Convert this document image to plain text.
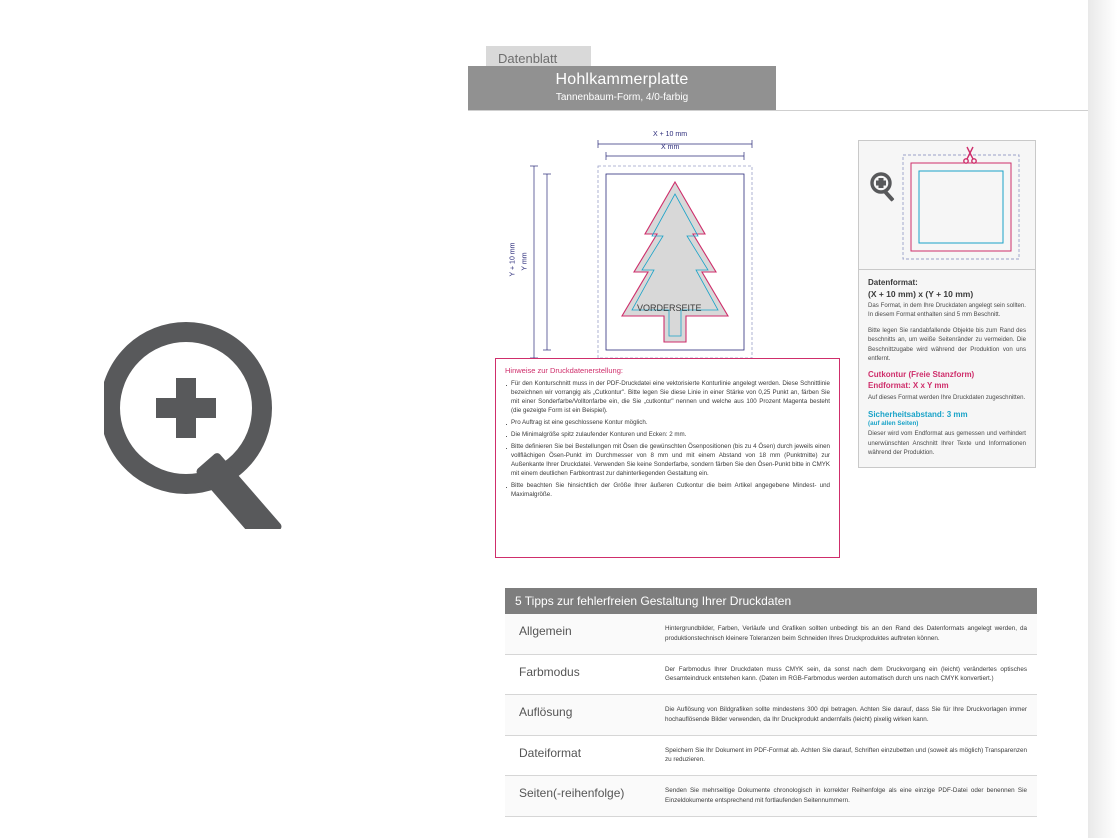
Datenblatt
Hohlkammerplatte
Tannenbaum-Form, 4/0-farbig
X + 10 mm
X mm
Y + 10 mm Y mm
VORDERSEITE
Hinweise zur Druckdatenerstellung:
· Für den Konturschnitt muss in der PDF-Druckdatei eine vektorisierte Konturlinie angelegt werden. Diese Schnittlinie bezeichnen wir vorrangig als „Cutkontur". Bitte legen Sie diese Linie in einer Stärke von 0,25 Punkt an, färben Sie mit einer Sonderfarbe/Volltonfarbe ein, die Sie „cutkontur" nennen und welche aus 100 Prozent Magenta besteht (die gezeigte Form ist ein Beispiel).
· Pro Auftrag ist eine geschlossene Kontur möglich.
· Die Minimalgröße spitz zulaufender Konturen und Ecken: 2 mm.
· Bitte definieren Sie bei Bestellungen mit Ösen die gewünschten Ösenpositionen (bis zu 4 Ösen) durch jeweils einen vollflächigen Ösen-Punkt im Durchmesser von 8 mm und mit einem Abstand von 18 mm (Punktmitte) zur Außenkante Ihrer Druckdatei. Verwenden Sie keine Sonderfarbe, sondern färben Sie den Ösen-Punkt bitte in CMYK mit einem deutlichen Farbkontrast zur dahinterliegenden Gestaltung ein.
· Bitte beachten Sie hinsichtlich der Größe Ihrer äußeren Cutkontur die beim Artikel angegebene Mindest- und Maximalgröße.
Datenformat:
(X + 10 mm) x (Y + 10 mm)
Das Format, in dem Ihre Druckdaten angelegt sein sollten. In diesem Format enthalten sind 5 mm Beschnitt.
Bitte legen Sie randabfallende Objekte bis zum Rand des beschnitts an, um weiße Seitenränder zu vermeiden. Die Beschnittzugabe wird während der Produktion von uns entfernt.
Cutkontur (Freie Stanzform)
Endformat: X x Y mm
Auf dieses Format werden Ihre Druckdaten zugeschnitten.
Sicherheitsabstand: 3 mm
(auf allen Seiten)
Dieser wird vom Endformat aus gemessen und verhindert unerwünschten Anschnitt Ihrer Texte und Informationen während der Produktion.
5 Tipps zur fehlerfreien Gestaltung Ihrer Druckdaten
Allgemein	Hintergrundbilder, Farben, Verläufe und Grafiken sollten unbedingt bis an den Rand des Datenformats angelegt werden, da produktionstechnisch kleinere Toleranzen beim Schneiden Ihres Druckproduktes auftreten können.
Farbmodus	Der Farbmodus Ihrer Druckdaten muss CMYK sein, da sonst nach dem Druckvorgang ein (leicht) verändertes optisches Gesamteindruck entstehen kann. (Daten im RGB-Farbmodus werden automatisch durch uns nach CMYK konvertiert.)
Auflösung	Die Auflösung von Bildgrafiken sollte mindestens 300 dpi betragen. Achten Sie darauf, dass Sie für Ihre Druckvorlagen immer hochauflösende Bilder verwenden, da Ihr Druckprodukt andernfalls (leicht) pixelig wirken kann.
Dateiformat	Speichern Sie Ihr Dokument im PDF-Format ab. Achten Sie darauf, Schriften einzubetten und (soweit als möglich) Transparenzen zu reduzieren.
Seiten(-reihenfolge)	Senden Sie mehrseitige Dokumente chronologisch in korrekter Reihenfolge als eine einzige PDF-Datei oder benennen Sie Einzeldokumente entsprechend mit fortlaufenden Seitennummern.
